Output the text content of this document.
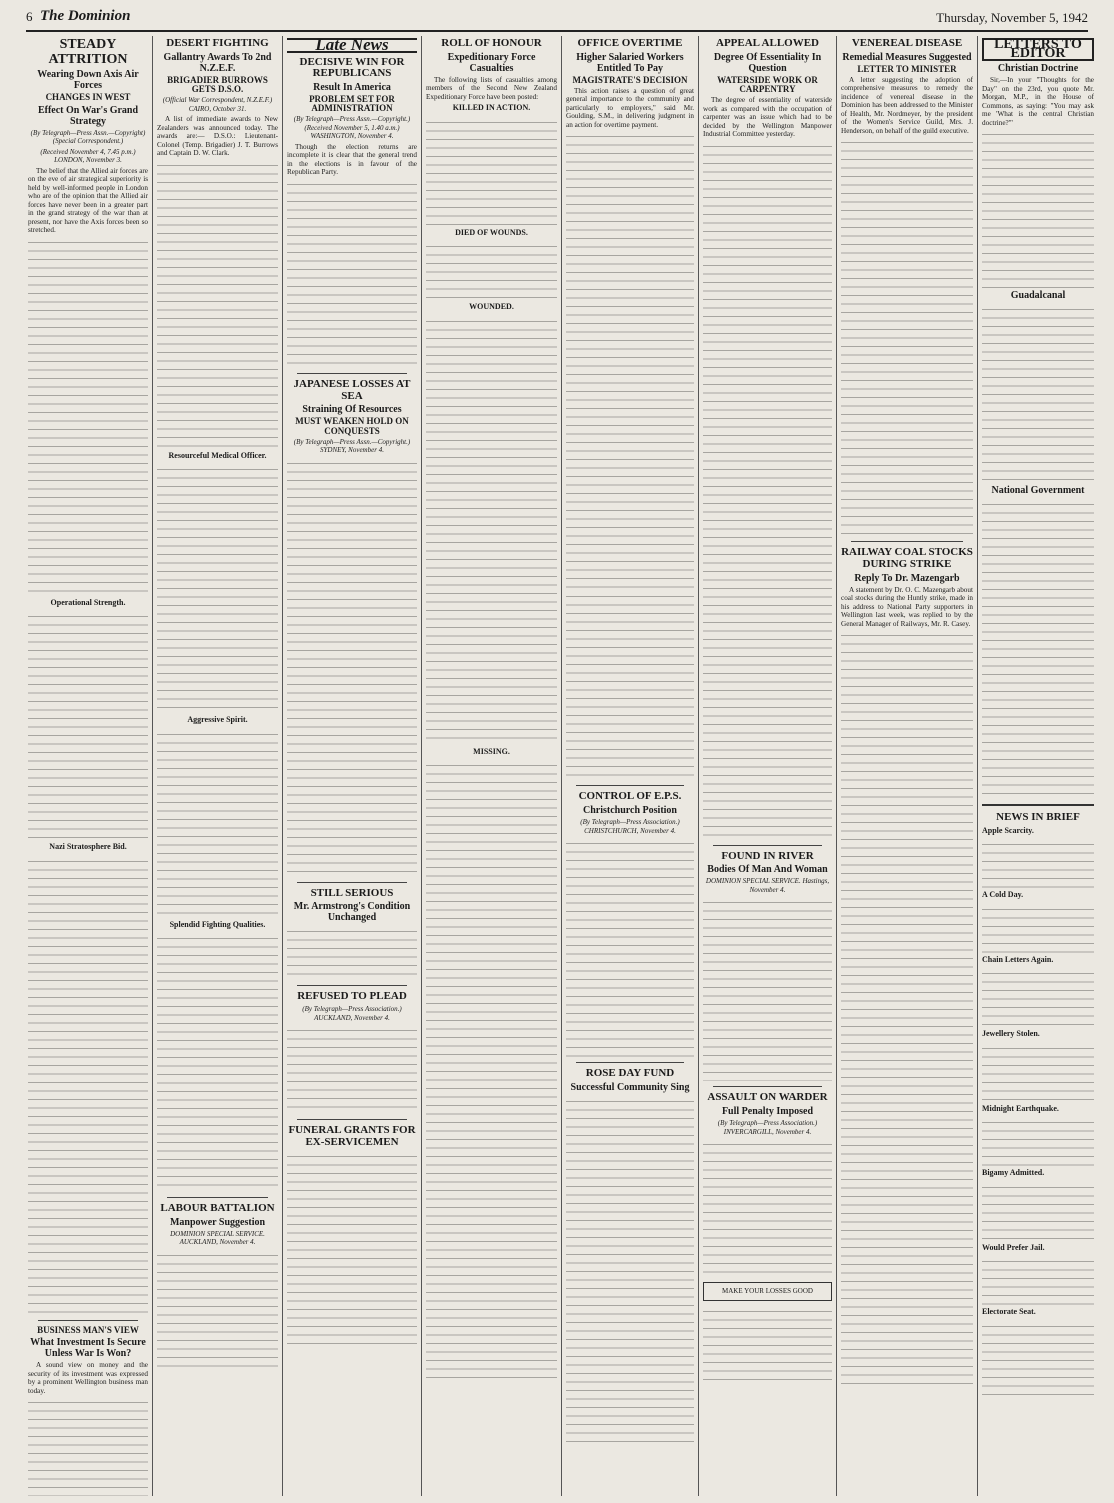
6 The Dominion	Thursday, November 5, 1942
STEADY ATTRITION
Wearing Down Axis Air Forces
CHANGES IN WEST
Effect On War's Grand Strategy
(By Telegraph—Press Assn.—Copyright) (Special Correspondent.)
(Received November 4, 7.45 p.m.) LONDON, November 3.

The belief that the Allied air forces are on the eve of air strategical superiority is held by well-informed people in London who are of the opinion that the Allied air forces have never been in a greater part in the grand strategy of the war than at present, nor have the Axis forces been so stretched.

Operational Strength.
Nazi Stratosphere Bid.
BUSINESS MAN'S VIEW
What Investment Is Secure Unless War Is Won?

A sound view on money and the security of its investment was expressed by a prominent Wellington business man today.

DESERT FIGHTING
Gallantry Awards To 2nd N.Z.E.F.
BRIGADIER BURROWS GETS D.S.O.
(Official War Correspondent, N.Z.E.F.) CAIRO, October 31.

A list of immediate awards to New Zealanders was announced today. The awards are:— D.S.O.: Lieutenant-Colonel (Temp. Brigadier) J. T. Burrows and Captain D. W. Clark.

Resourceful Medical Officer.
Aggressive Spirit.
Splendid Fighting Qualities.
LABOUR BATTALION
Manpower Suggestion
DOMINION SPECIAL SERVICE. AUCKLAND, November 4.
Late News
DECISIVE WIN FOR REPUBLICANS
Result In America
PROBLEM SET FOR ADMINISTRATION
(By Telegraph—Press Assn.—Copyright.) (Received November 5, 1.40 a.m.) WASHINGTON, November 4.

Though the election returns are incomplete it is clear that the general trend in the elections is in favour of the Republican Party.

JAPANESE LOSSES AT SEA
Straining Of Resources
MUST WEAKEN HOLD ON CONQUESTS
(By Telegraph—Press Assn.—Copyright.) SYDNEY, November 4.
STILL SERIOUS
Mr. Armstrong's Condition Unchanged
REFUSED TO PLEAD
(By Telegraph—Press Association.) AUCKLAND, November 4.
FUNERAL GRANTS FOR EX-SERVICEMEN
ROLL OF HONOUR
Expeditionary Force Casualties

The following lists of casualties among members of the Second New Zealand Expeditionary Force have been posted:

KILLED IN ACTION.
DIED OF WOUNDS.
WOUNDED.
MISSING.
OFFICE OVERTIME
Higher Salaried Workers Entitled To Pay
MAGISTRATE'S DECISION

This action raises a question of great general importance to the community and particularly to employers," said Mr. Goulding, S.M., in delivering judgment in an action for overtime payment.

CONTROL OF E.P.S.
Christchurch Position
(By Telegraph—Press Association.) CHRISTCHURCH, November 4.
ROSE DAY FUND
Successful Community Sing
APPEAL ALLOWED
Degree Of Essentiality In Question
WATERSIDE WORK OR CARPENTRY

The degree of essentiality of waterside work as compared with the occupation of carpenter was an issue which had to be decided by the Wellington Manpower Industrial Committee yesterday.

FOUND IN RIVER
Bodies Of Man And Woman
DOMINION SPECIAL SERVICE. Hastings, November 4.
ASSAULT ON WARDER
Full Penalty Imposed
(By Telegraph—Press Association.) INVERCARGILL, November 4.
MAKE YOUR LOSSES GOOD
VENEREAL DISEASE
Remedial Measures Suggested
LETTER TO MINISTER

A letter suggesting the adoption of comprehensive measures to remedy the incidence of venereal disease in the Dominion has been addressed to the Minister of Health, Mr. Nordmeyer, by the president of the Women's Service Guild, Mrs. J. Henderson, on behalf of the guild executive.

RAILWAY COAL STOCKS DURING STRIKE
Reply To Dr. Mazengarb

A statement by Dr. O. C. Mazengarb about coal stocks during the Huntly strike, made in his address to National Party supporters in Wellington last week, was replied to by the General Manager of Railways, Mr. R. Casey.

LETTERS TO EDITOR
Christian Doctrine

Sir,—In your "Thoughts for the Day" on the 23rd, you quote Mr. Morgan, M.P., in the House of Commons, as saying: "You may ask me 'What is the central Christian doctrine?'"

Guadalcanal
National Government
NEWS IN BRIEF
Apple Scarcity.
A Cold Day.
Chain Letters Again.
Jewellery Stolen.
Midnight Earthquake.
Bigamy Admitted.
Would Prefer Jail.
Electorate Seat.
